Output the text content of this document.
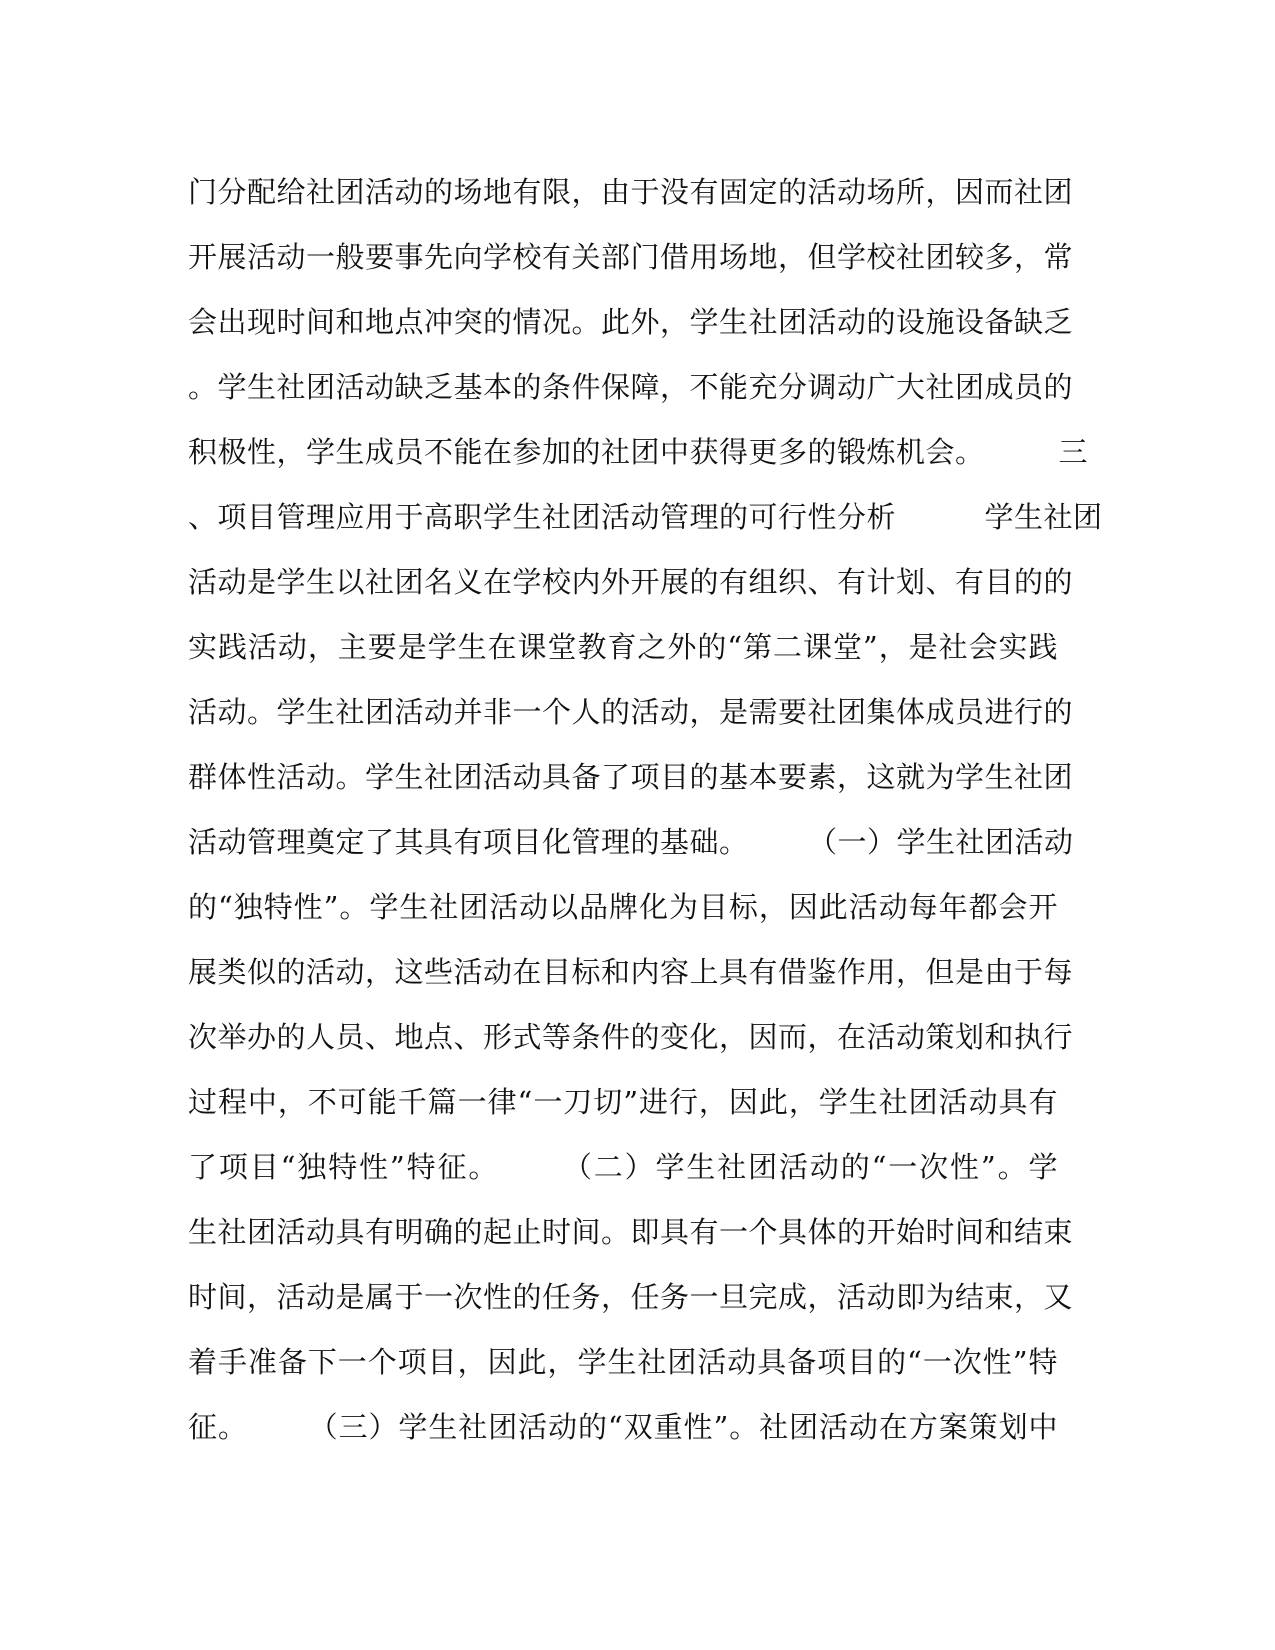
门分配给社团活动的场地有限，由于没有固定的活动场所，因而社团
开展活动一般要事先向学校有关部门借用场地，但学校社团较多，常
会出现时间和地点冲突的情况。此外，学生社团活动的设施设备缺乏
。学生社团活动缺乏基本的条件保障，不能充分调动广大社团成员的
积极性，学生成员不能在参加的社团中获得更多的锻炼机会。　　　三
、项目管理应用于高职学生社团活动管理的可行性分析　　　学生社团
活动是学生以社团名义在学校内外开展的有组织、有计划、有目的的
实践活动，主要是学生在课堂教育之外的“第二课堂”，是社会实践
活动。学生社团活动并非一个人的活动，是需要社团集体成员进行的
群体性活动。学生社团活动具备了项目的基本要素，这就为学生社团
活动管理奠定了其具有项目化管理的基础。　　　（一）学生社团活动
的“独特性”。学生社团活动以品牌化为目标，因此活动每年都会开
展类似的活动，这些活动在目标和内容上具有借鉴作用，但是由于每
次举办的人员、地点、形式等条件的变化，因而，在活动策划和执行
过程中，不可能千篇一律“一刀切”进行，因此，学生社团活动具有
了项目“独特性”特征。　　　（二）学生社团活动的“一次性”。学
生社团活动具有明确的起止时间。即具有一个具体的开始时间和结束
时间，活动是属于一次性的任务，任务一旦完成，活动即为结束，又
着手准备下一个项目，因此，学生社团活动具备项目的“一次性”特
征。　　　（三）学生社团活动的“双重性”。社团活动在方案策划中
